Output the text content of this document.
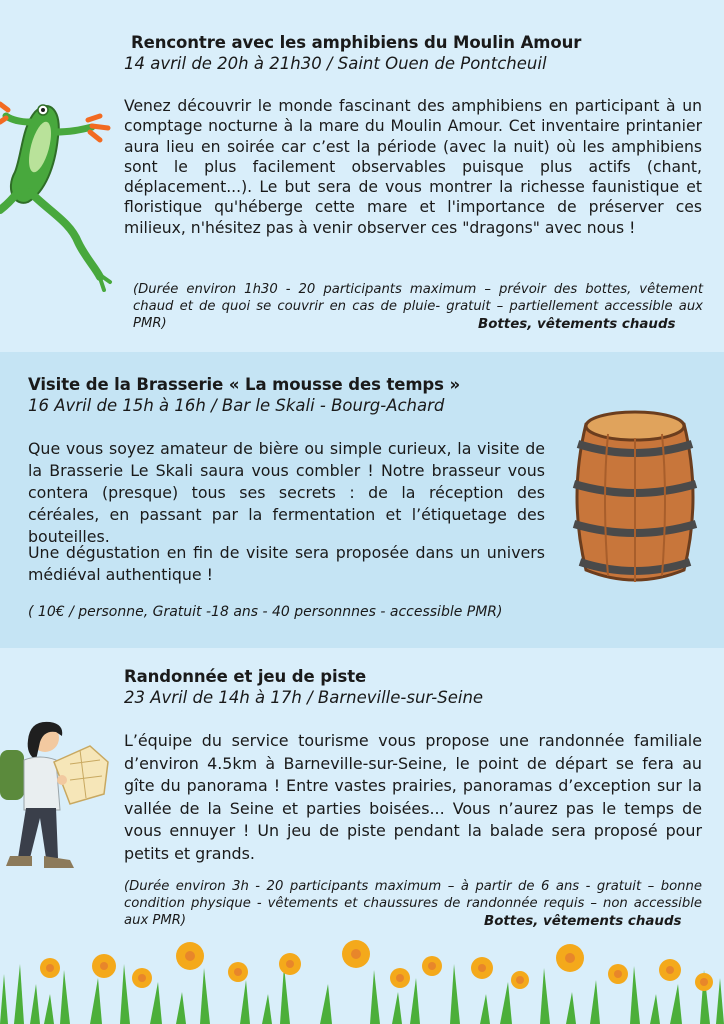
Rencontre avec les amphibiens du Moulin Amour
14 avril de 20h à 21h30 / Saint Ouen de Pontcheuil
Venez découvrir le monde fascinant des amphibiens en participant à un comptage nocturne à la mare du Moulin Amour. Cet inventaire printanier aura lieu en soirée car c’est la période (avec la nuit) où les amphibiens sont le plus facilement observables puisque plus actifs (chant, déplacement...). Le but sera de vous montrer la richesse faunistique et floristique qu'héberge cette mare et l'importance de préserver ces milieux, n'hésitez pas à venir observer ces "dragons" avec nous !
(Durée environ 1h30 - 20 participants maximum – prévoir des bottes, vêtement chaud et de quoi se couvrir en cas de pluie- gratuit – partiellement accessible aux PMR)	Bottes, vêtements chauds
Visite de la Brasserie « La mousse des temps »
16 Avril de 15h à 16h / Bar le Skali - Bourg-Achard
Que vous soyez amateur de bière ou simple curieux, la visite de la Brasserie Le Skali saura vous combler ! Notre brasseur vous contera (presque) tous ses secrets : de la réception des céréales, en passant par la fermentation et l’étiquetage des bouteilles.
Une dégustation en fin de visite sera proposée dans un univers médiéval authentique !
( 10€ / personne, Gratuit -18 ans - 40 personnnes - accessible PMR)
Randonnée et jeu de piste
23 Avril de 14h à 17h / Barneville-sur-Seine
L’équipe du service tourisme vous propose une randonnée familiale d’environ 4.5km à Barneville-sur-Seine, le point de départ se fera au gîte du panorama ! Entre vastes prairies, panoramas d’exception sur la vallée de la Seine et parties boisées... Vous n’aurez pas le temps de vous ennuyer ! Un jeu de piste pendant la balade sera proposé pour petits et grands.
(Durée environ 3h - 20 participants maximum – à partir de 6 ans - gratuit – bonne condition physique - vêtements et chaussures de randonnée requis – non accessible aux PMR)	Bottes, vêtements chauds
